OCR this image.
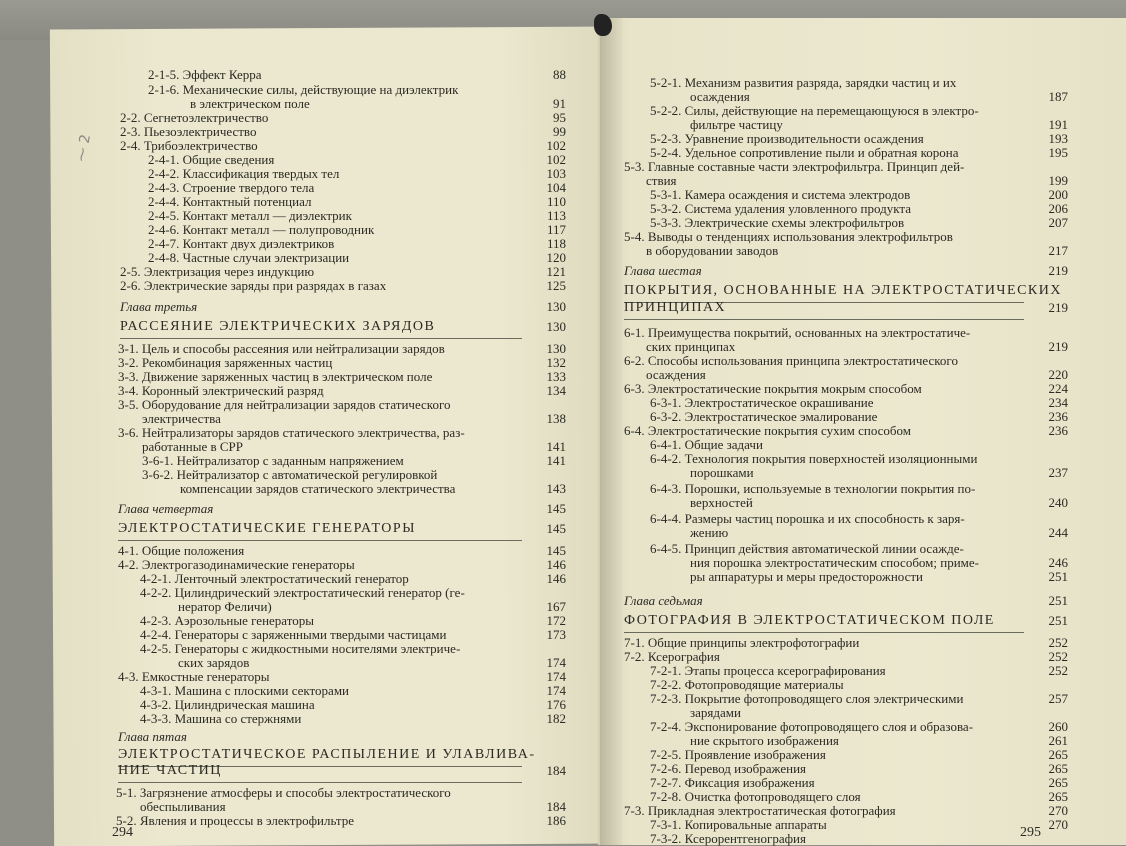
⁓ 2
2-1-5. Эффект Керра	88
2-1-6. Механические силы, действующие на диэлектрик
в электрическом поле	91
2-2. Сегнетоэлектричество	95
2-3. Пьезоэлектричество	99
2-4. Трибоэлектричество	102
2-4-1. Общие сведения	102
2-4-2. Классификация твердых тел	103
2-4-3. Строение твердого тела	104
2-4-4. Контактный потенциал	110
2-4-5. Контакт металл — диэлектрик	113
2-4-6. Контакт металл — полупроводник	117
2-4-7. Контакт двух диэлектриков	118
2-4-8. Частные случаи электризации	120
2-5. Электризация через индукцию	121
2-6. Электрические заряды при разрядах в газах	125
Глава третья	130
РАССЕЯНИЕ ЭЛЕКТРИЧЕСКИХ ЗАРЯДОВ	130
3-1. Цель и способы рассеяния или нейтрализации зарядов	130
3-2. Рекомбинация заряженных частиц	132
3-3. Движение заряженных частиц в электрическом поле	133
3-4. Коронный электрический разряд	134
3-5. Оборудование для нейтрализации зарядов статического
электричества	138
3-6. Нейтрализаторы зарядов статического электричества, раз-
работанные в СРР	141
3-6-1. Нейтрализатор с заданным напряжением	141
3-6-2. Нейтрализатор с автоматической регулировкой
компенсации зарядов статического электричества	143
Глава четвертая	145
ЭЛЕКТРОСТАТИЧЕСКИЕ ГЕНЕРАТОРЫ	145
4-1. Общие положения	145
4-2. Электрогазодинамические генераторы	146
4-2-1. Ленточный электростатический генератор	146
4-2-2. Цилиндрический электростатический генератор (ге-
нератор Феличи)	167
4-2-3. Аэрозольные генераторы	172
4-2-4. Генераторы с заряженными твердыми частицами	173
4-2-5. Генераторы с жидкостными носителями электриче-
ских зарядов	174
4-3. Емкостные генераторы	174
4-3-1. Машина с плоскими секторами	174
4-3-2. Цилиндрическая машина	176
4-3-3. Машина со стержнями	182
Глава пятая
ЭЛЕКТРОСТАТИЧЕСКОЕ РАСПЫЛЕНИЕ И УЛАВЛИВА-
НИЕ ЧАСТИЦ	184
5-1. Загрязнение атмосферы и способы электростатического
обеспыливания	184
5-2. Явления и процессы в электрофильтре	186
5-2-1. Механизм развития разряда, зарядки частиц и их
осаждения	187
5-2-2. Силы, действующие на перемещающуюся в электро-
фильтре частицу	191
5-2-3. Уравнение производительности осаждения	193
5-2-4. Удельное сопротивление пыли и обратная корона	195
5-3. Главные составные части электрофильтра. Принцип дей-
ствия	199
5-3-1. Камера осаждения и система электродов	200
5-3-2. Система удаления уловленного продукта	206
5-3-3. Электрические схемы электрофильтров	207
5-4. Выводы о тенденциях использования электрофильтров
в оборудовании заводов	217
Глава шестая	219
ПОКРЫТИЯ, ОСНОВАННЫЕ НА ЭЛЕКТРОСТАТИЧЕСКИХ
ПРИНЦИПАХ	219
6-1. Преимущества покрытий, основанных на электростатиче-
ских принципах	219
6-2. Способы использования принципа электростатического
осаждения	220
6-3. Электростатические покрытия мокрым способом	224
6-3-1. Электростатическое окрашивание	234
6-3-2. Электростатическое эмалирование	236
6-4. Электростатические покрытия сухим способом	236
6-4-1. Общие задачи
6-4-2. Технология покрытия поверхностей изоляционными
порошками	237
6-4-3. Порошки, используемые в технологии покрытия по-
верхностей	240
6-4-4. Размеры частиц порошка и их способность к заря-
жению	244
6-4-5. Принцип действия автоматической линии осажде-
ния порошка электростатическим способом; приме-	246
ры аппаратуры и меры предосторожности	251
Глава седьмая	251
ФОТОГРАФИЯ В ЭЛЕКТРОСТАТИЧЕСКОМ ПОЛЕ	251
7-1. Общие принципы электрофотографии	252
7-2. Ксерография	252
7-2-1. Этапы процесса ксерографирования	252
7-2-2. Фотопроводящие материалы
7-2-3. Покрытие фотопроводящего слоя электрическими	257
зарядами
7-2-4. Экспонирование фотопроводящего слоя и образова-	260
ние скрытого изображения	261
7-2-5. Проявление изображения	265
7-2-6. Перевод изображения	265
7-2-7. Фиксация изображения	265
7-2-8. Очистка фотопроводящего слоя	265
7-3. Прикладная электростатическая фотография	270
7-3-1. Копировальные аппараты	270
7-3-2. Ксерорентгенография
294	295
